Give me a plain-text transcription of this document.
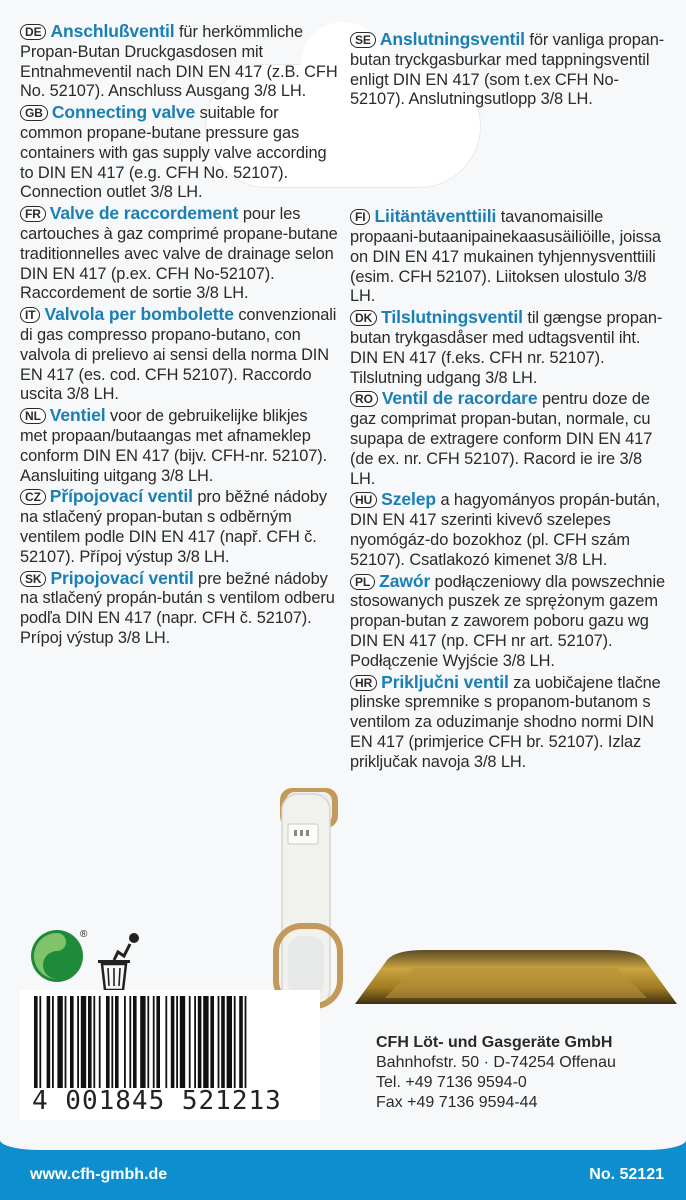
DE Anschlußventil für herkömmliche Propan-Butan Druckgasdosen mit Entnahmeventil nach DIN EN 417 (z.B. CFH No. 52107). Anschluss Ausgang 3/8 LH.

GB Connecting valve suitable for common propane-butane pressure gas containers with gas supply valve according to DIN EN 417 (e.g. CFH No. 52107). Connection outlet 3/8 LH.

FR Valve de raccordement pour les cartouches à gaz comprimé propane-butane traditionnelles avec valve de drainage selon DIN EN 417 (p.ex. CFH No-52107). Raccordement de sortie 3/8 LH.

IT Valvola per bombolette convenzionali di gas compresso propano-butano, con valvola di prelievo ai sensi della norma DIN EN 417 (es. cod. CFH 52107). Raccordo uscita 3/8 LH.

NL Ventiel voor de gebruikelijke blikjes met propaan/butaangas met afnameklep conform DIN EN 417 (bijv. CFH-nr. 52107). Aansluiting uitgang 3/8 LH.

CZ Přípojovací ventil pro běžné nádoby na stlačený propan-butan s odběrným ventilem podle DIN EN 417 (např. CFH č. 52107). Přípoj výstup 3/8 LH.

SK Pripojovací ventil pre bežné nádoby na stlačený propán-bután s ventilom odberu podľa DIN EN 417 (napr. CFH č. 52107). Prípoj výstup 3/8 LH.

SE Anslutningsventil för vanliga propan-butan tryckgasburkar med tappningsventil enligt DIN EN 417 (som t.ex CFH No- 52107). Anslutningsutlopp 3/8 LH.

FI Liitäntäventtiili tavanomaisille propaani-butaanipainekaasusäiliöille, joissa on DIN EN 417 mukainen tyhjennysventtiili (esim. CFH 52107). Liitoksen ulostulo 3/8 LH.

DK Tilslutningsventil til gængse propan-butan trykgasdåser med udtagsventil iht. DIN EN 417 (f.eks. CFH nr. 52107). Tilslutning udgang 3/8 LH.

RO Ventil de racordare pentru doze de gaz comprimat propan-butan, normale, cu supapa de extragere conform DIN EN 417 (de ex. nr. CFH 52107). Racord ie ire 3/8 LH.

HU Szelep a hagyományos propán-bután, DIN EN 417 szerinti kivevő szelepes nyomógáz-do bozokhoz (pl. CFH szám 52107). Csatlakozó kimenet 3/8 LH.

PL Zawór podłączeniowy dla powszechnie stosowanych puszek ze sprężonym gazem propan-butan z zaworem poboru gazu wg DIN EN 417 (np. CFH nr art. 52107). Podłączenie Wyjście 3/8 LH.

HR Priključni ventil za uobičajene tlačne plinske spremnike s propanom-butanom s ventilom za oduzimanje shodno normi DIN EN 417 (primjerice CFH br. 52107). Izlaz priključak navoja 3/8 LH.

®
4 001845 521213
CFH Löt- und Gasgeräte GmbH
Bahnhofstr. 50 · D-74254 Offenau
Tel. +49 7136 9594-0
Fax +49 7136 9594-44
www.cfh-gmbh.de	No. 52121
